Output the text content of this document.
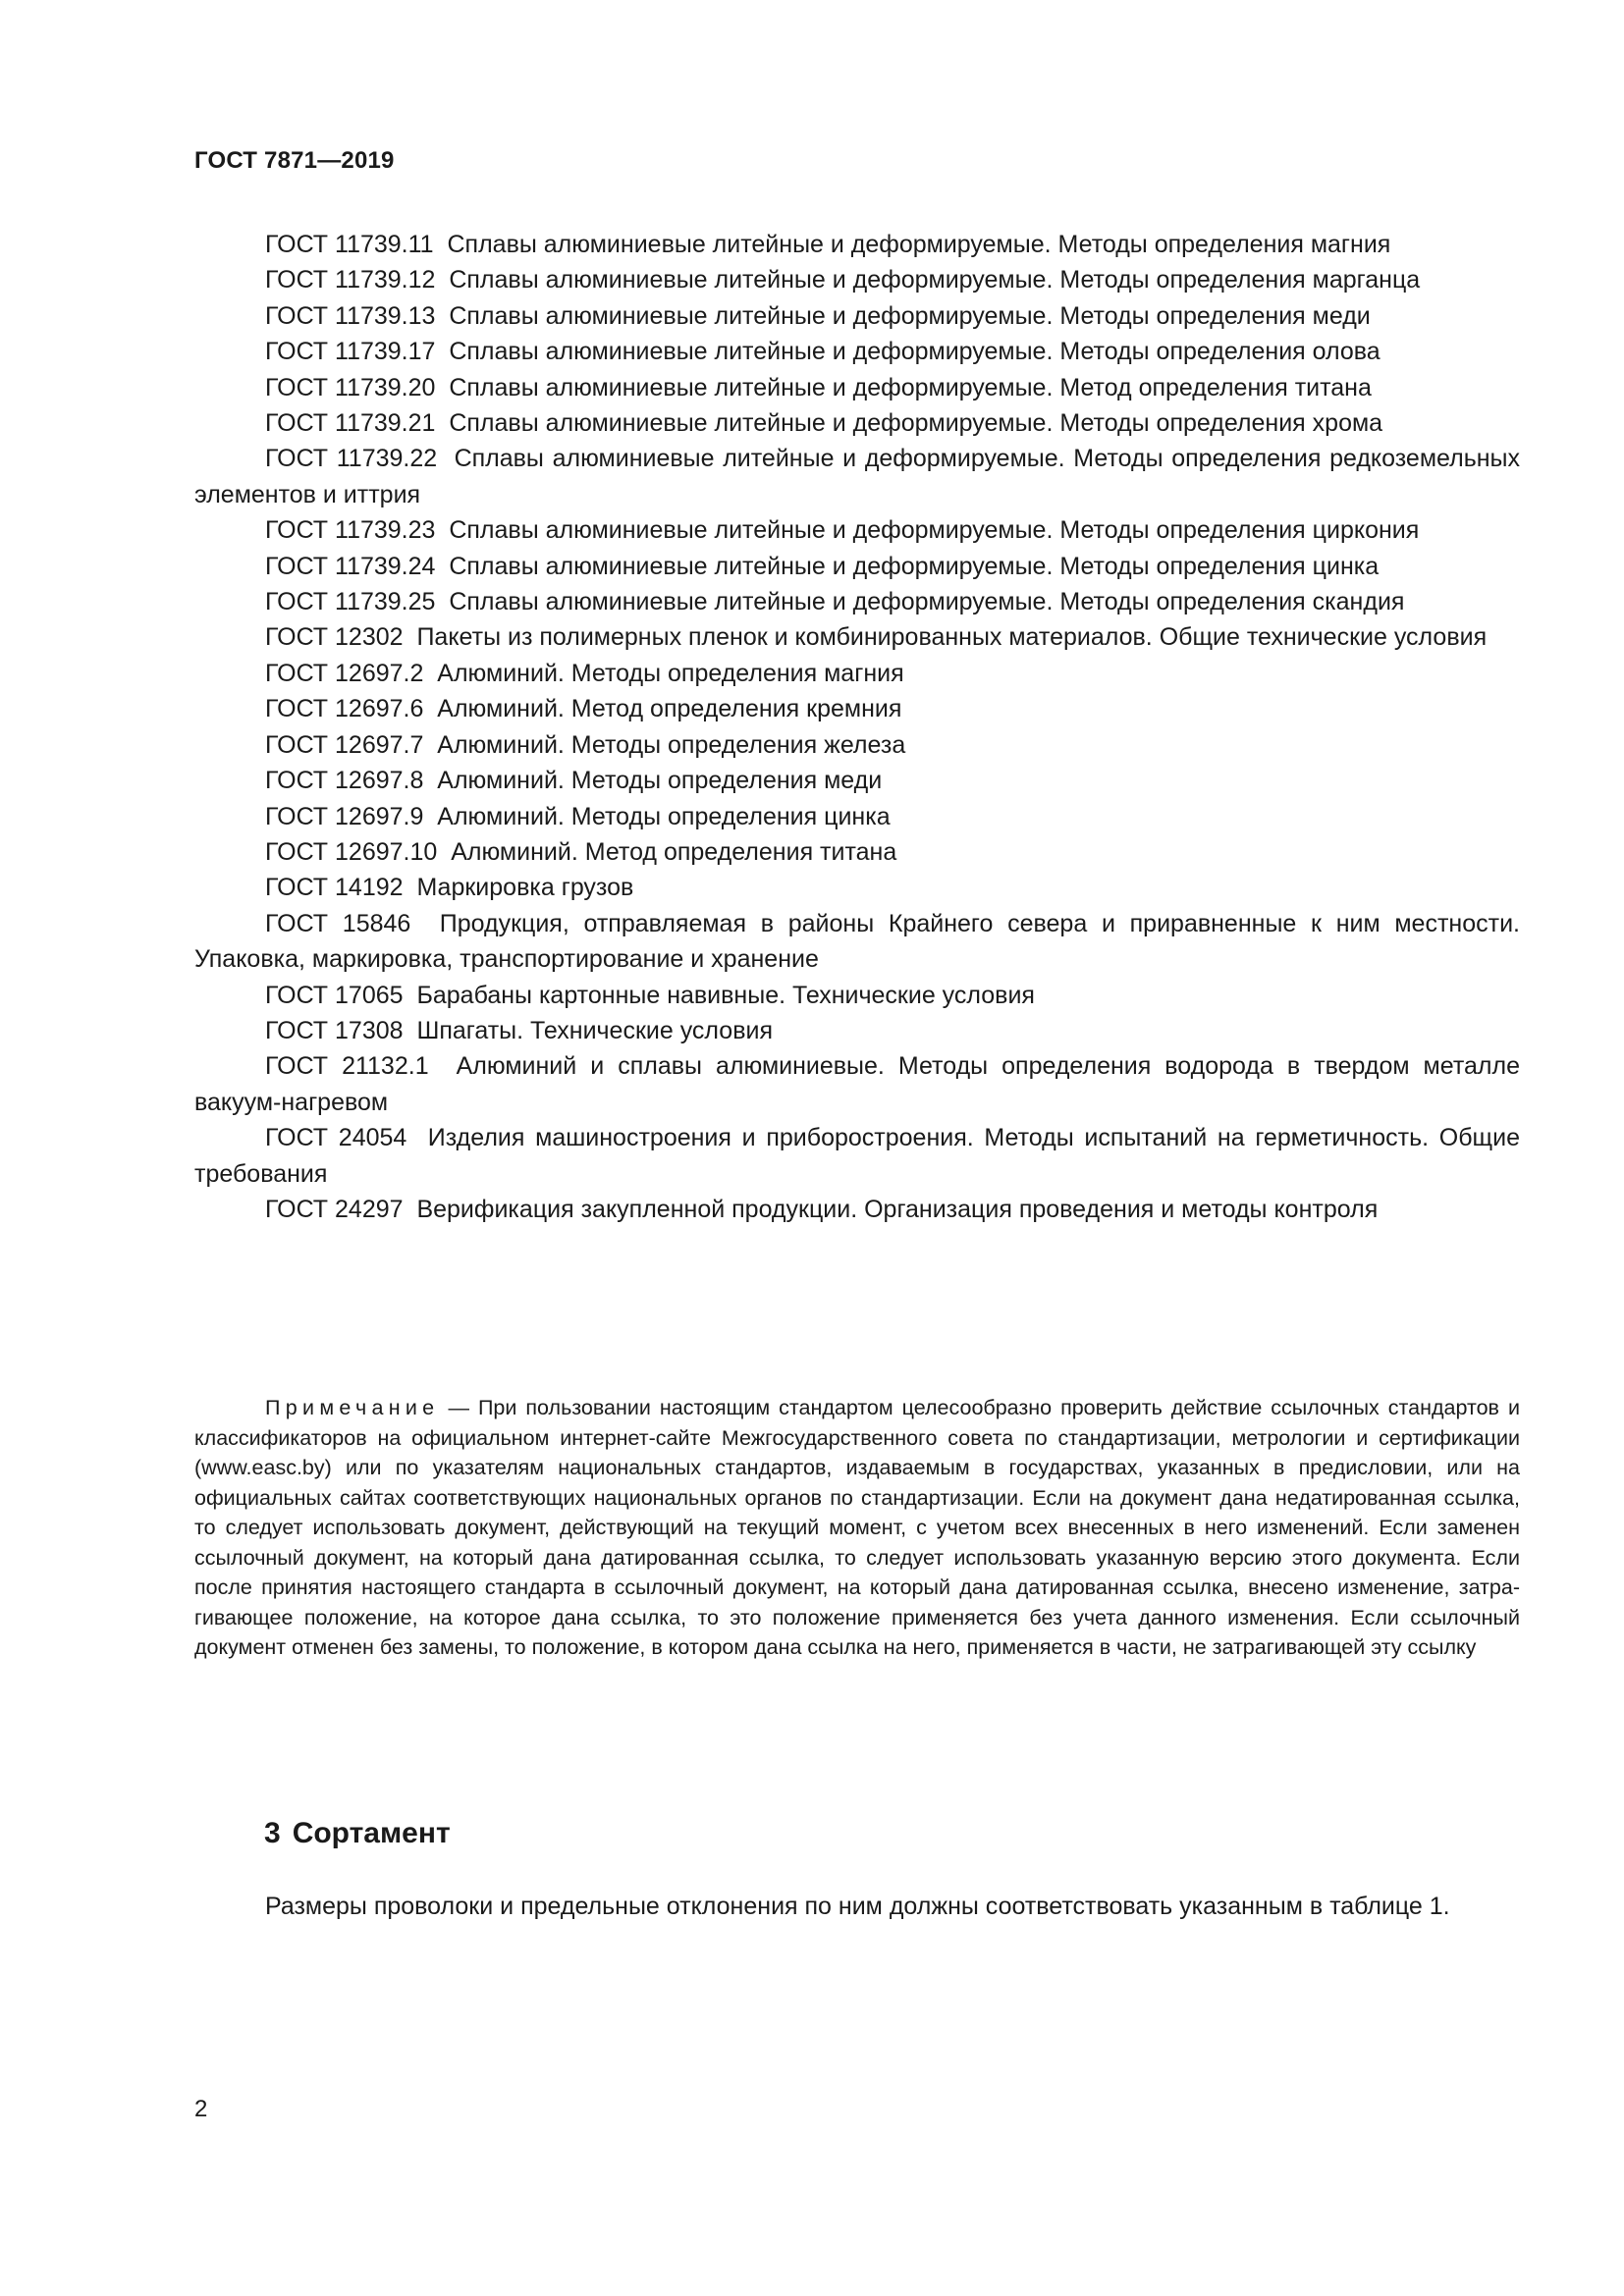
ГОСТ 7871—2019
ГОСТ 11739.11 Сплавы алюминиевые литейные и деформируемые. Методы определения магния
ГОСТ 11739.12 Сплавы алюминиевые литейные и деформируемые. Методы определения марганца
ГОСТ 11739.13 Сплавы алюминиевые литейные и деформируемые. Методы определения меди
ГОСТ 11739.17 Сплавы алюминиевые литейные и деформируемые. Методы определения олова
ГОСТ 11739.20 Сплавы алюминиевые литейные и деформируемые. Метод определения титана
ГОСТ 11739.21 Сплавы алюминиевые литейные и деформируемые. Методы определения хрома
ГОСТ 11739.22 Сплавы алюминиевые литейные и деформируемые. Методы определения редкоземельных элементов и иттрия
ГОСТ 11739.23 Сплавы алюминиевые литейные и деформируемые. Методы определения циркония
ГОСТ 11739.24 Сплавы алюминиевые литейные и деформируемые. Методы определения цинка
ГОСТ 11739.25 Сплавы алюминиевые литейные и деформируемые. Методы определения скандия
ГОСТ 12302 Пакеты из полимерных пленок и комбинированных материалов. Общие технические условия
ГОСТ 12697.2 Алюминий. Методы определения магния
ГОСТ 12697.6 Алюминий. Метод определения кремния
ГОСТ 12697.7 Алюминий. Методы определения железа
ГОСТ 12697.8 Алюминий. Методы определения меди
ГОСТ 12697.9 Алюминий. Методы определения цинка
ГОСТ 12697.10 Алюминий. Метод определения титана
ГОСТ 14192 Маркировка грузов
ГОСТ 15846 Продукция, отправляемая в районы Крайнего севера и приравненные к ним местности. Упаковка, маркировка, транспортирование и хранение
ГОСТ 17065 Барабаны картонные навивные. Технические условия
ГОСТ 17308 Шпагаты. Технические условия
ГОСТ 21132.1 Алюминий и сплавы алюминиевые. Методы определения водорода в твердом металле вакуум-нагревом
ГОСТ 24054 Изделия машиностроения и приборостроения. Методы испытаний на герметичность. Общие требования
ГОСТ 24297 Верификация закупленной продукции. Организация проведения и методы контроля
Примечание — При пользовании настоящим стандартом целесообразно проверить действие ссылочных стандартов и классификаторов на официальном интернет-сайте Межгосударственного совета по стандартизации, метрологии и сертификации (www.easc.by) или по указателям национальных стандартов, издаваемым в государствах, указанных в предисловии, или на официальных сайтах соответствующих национальных органов по стандартизации. Если на документ дана недатированная ссылка, то следует использовать документ, действующий на текущий момент, с учетом всех внесенных в него изменений. Если заменен ссылочный документ, на который дана датированная ссылка, то следует использовать указанную версию этого документа. Если после принятия настоящего стандарта в ссылочный документ, на который дана датированная ссылка, внесено изменение, затрагивающее положение, на которое дана ссылка, то это положение применяется без учета данного изменения. Если ссылочный документ отменен без замены, то положение, в котором дана ссылка на него, применяется в части, не затрагивающей эту ссылку
3 Сортамент
Размеры проволоки и предельные отклонения по ним должны соответствовать указанным в таблице 1.
2
